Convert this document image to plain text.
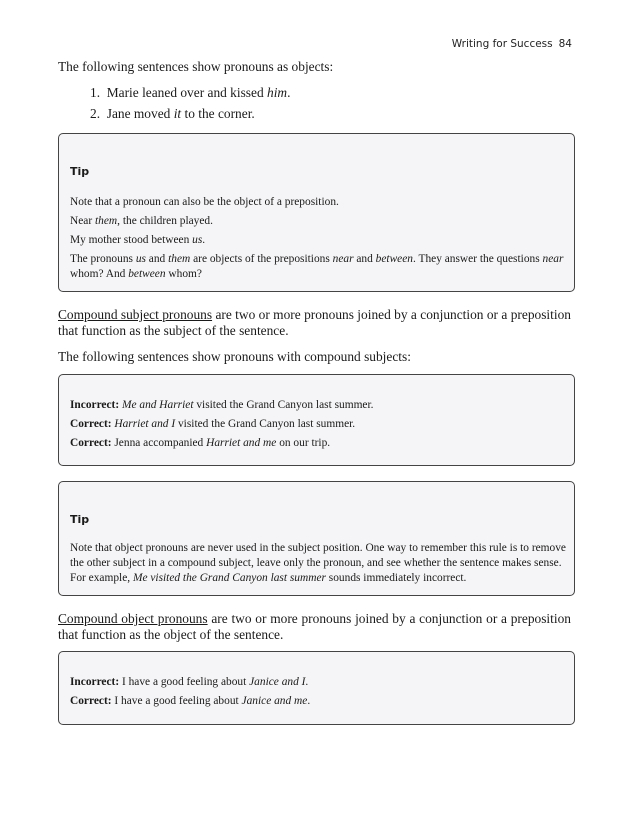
Writing for Success 84
The following sentences show pronouns as objects:
1. Marie leaned over and kissed him.
2. Jane moved it to the corner.

Tip

Note that a pronoun can also be the object of a preposition.

Near them, the children played.

My mother stood between us.

The pronouns us and them are objects of the prepositions near and between. They answer the questions near whom? And between whom?

Compound subject pronouns are two or more pronouns joined by a conjunction or a preposition that function as the subject of the sentence.
The following sentences show pronouns with compound subjects:

Incorrect: Me and Harriet visited the Grand Canyon last summer.

Correct: Harriet and I visited the Grand Canyon last summer.

Correct: Jenna accompanied Harriet and me on our trip.

Tip

Note that object pronouns are never used in the subject position. One way to remember this rule is to remove the other subject in a compound subject, leave only the pronoun, and see whether the sentence makes sense. For example, Me visited the Grand Canyon last summer sounds immediately incorrect.

Compound object pronouns are two or more pronouns joined by a conjunction or a preposition that function as the object of the sentence.

Incorrect: I have a good feeling about Janice and I.

Correct: I have a good feeling about Janice and me.
